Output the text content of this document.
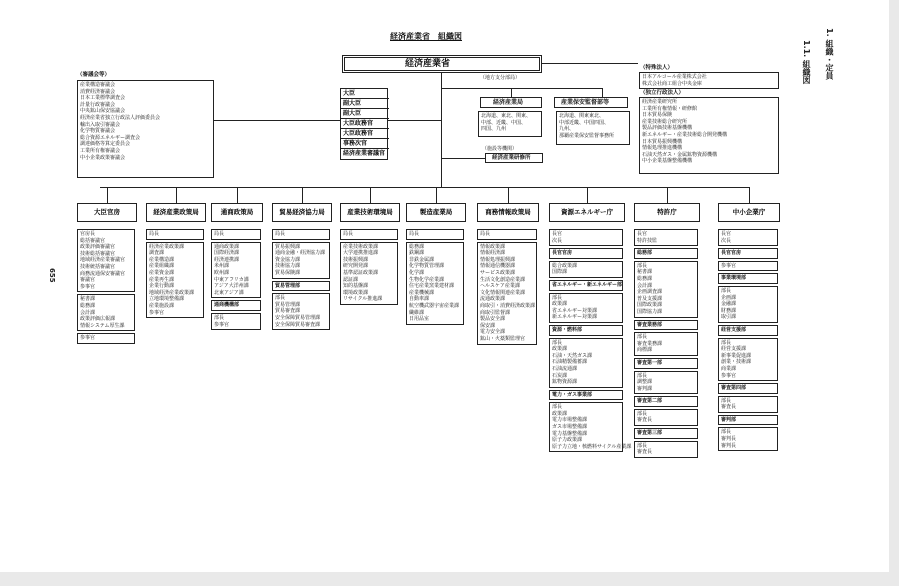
経済産業省　組織図
経済産業省	1. 組織・定員
1.1. 組織図
655
大臣
副大臣
副大臣
大臣政務官
大臣政務官
事務次官
経済産業審議官
（審議会等）
産業構造審議会
消費経済審議会
日本工業標準調査会
計量行政審議会
中央鉱山保安協議会
経済産業省独立行政法人評価委員会
輸出入取引審議会
化学物質審議会
総合資源エネルギー調査会
調達価格等算定委員会
工業所有権審議会
中小企業政策審議会
（地方支分部局）
経済産業局
北海道、東北、関東、
中部、近畿、中国、
四国、九州
産業保安監督部等
北海道、関東東北、
中部近畿、中国四国、
九州、
那覇産業保安監督事務所
（施設等機関）
経済産業研修所
（特殊法人）
日本アルコール産業株式会社
株式会社商工組合中央金庫
（独立行政法人）
経済産業研究所
工業所有権情報・研修館
日本貿易保険
産業技術総合研究所
製品評価技術基盤機構
新エネルギー・産業技術総合開発機構
日本貿易振興機構
情報処理推進機構
石油天然ガス・金属鉱物資源機構
中小企業基盤整備機構
大臣官房
官房長
総括審議官
政策評価審議官
技術総括審議官
地域経済産業審議官
技術統括審議官
商務流通保安審議官
審議官
参事官
秘書課
総務課
会計課
政策評価広報課
情報システム厚生課
参事官
経済産業政策局
局長
経済産業政策課
調査課
産業構造課
産業組織課
産業資金課
産業再生課
企業行動課
地域経済産業政策課
立地環境整備課
産業施設課
参事官
通商政策局
局長
通商政策課
国際経済課
経済連携課
米州課
欧州課
中東アフリカ課
アジア大洋州課
北東アジア課
通商機構部
部長
参事官
貿易経済協力局
局長
貿易振興課
通商金融・経済協力課
資金協力課
技術協力課
貿易保険課
貿易管理部
部長
貿易管理課
貿易審査課
安全保障貿易管理課
安全保障貿易審査課
産業技術環境局
局長
産業技術政策課
大学連携推進課
技術振興課
研究開発課
基準認証政策課
認証課
知的基盤課
環境政策課
リサイクル推進課
製造産業局
局長
総務課
鉄鋼課
非鉄金属課
化学物質管理課
化学課
生物化学産業課
住宅産業窯業建材課
産業機械課
自動車課
航空機武器宇宙産業課
繊維課
日用品室
商務情報政策局
局長
情報政策課
情報経済課
情報処理振興課
情報通信機器課
サービス政策課
生活文化創造産業課
ヘルスケア産業課
文化情報関連産業課
流通政策課
商取引・消費経済政策課
商取引監督課
製品安全課
保安課
電力安全課
鉱山・火薬類監理官
資源エネルギー庁
長官
次長
長官官房
総合政策課
国際課
省エネルギー・新エネルギー部
部長
政策課
省エネルギー対策課
新エネルギー対策課
資源・燃料部
部長
政策課
石油・天然ガス課
石油精製備蓄課
石油流通課
石炭課
鉱物資源課
電力・ガス事業部
部長
政策課
電力市場整備課
ガス市場整備課
電力基盤整備課
原子力政策課
原子力立地・核燃料サイクル産業課
特許庁
長官
特許技監
総務部
部長
秘書課
総務課
会計課
企画調査課
普及支援課
国際政策課
国際協力課
審査業務部
部長
審査業務課
商標課
審査第一部
部長
調整課
審判課
審査第二部
部長
審査長
審査第三部
部長
審査長
中小企業庁
長官
次長
長官官房
参事官
事業環境部
部長
企画課
金融課
財務課
取引課
経営支援部
部長
経営支援課
新事業促進課
創業・技術課
商業課
参事官
審査第四部
部長
審査長
審判部
部長
審判長
審判長
